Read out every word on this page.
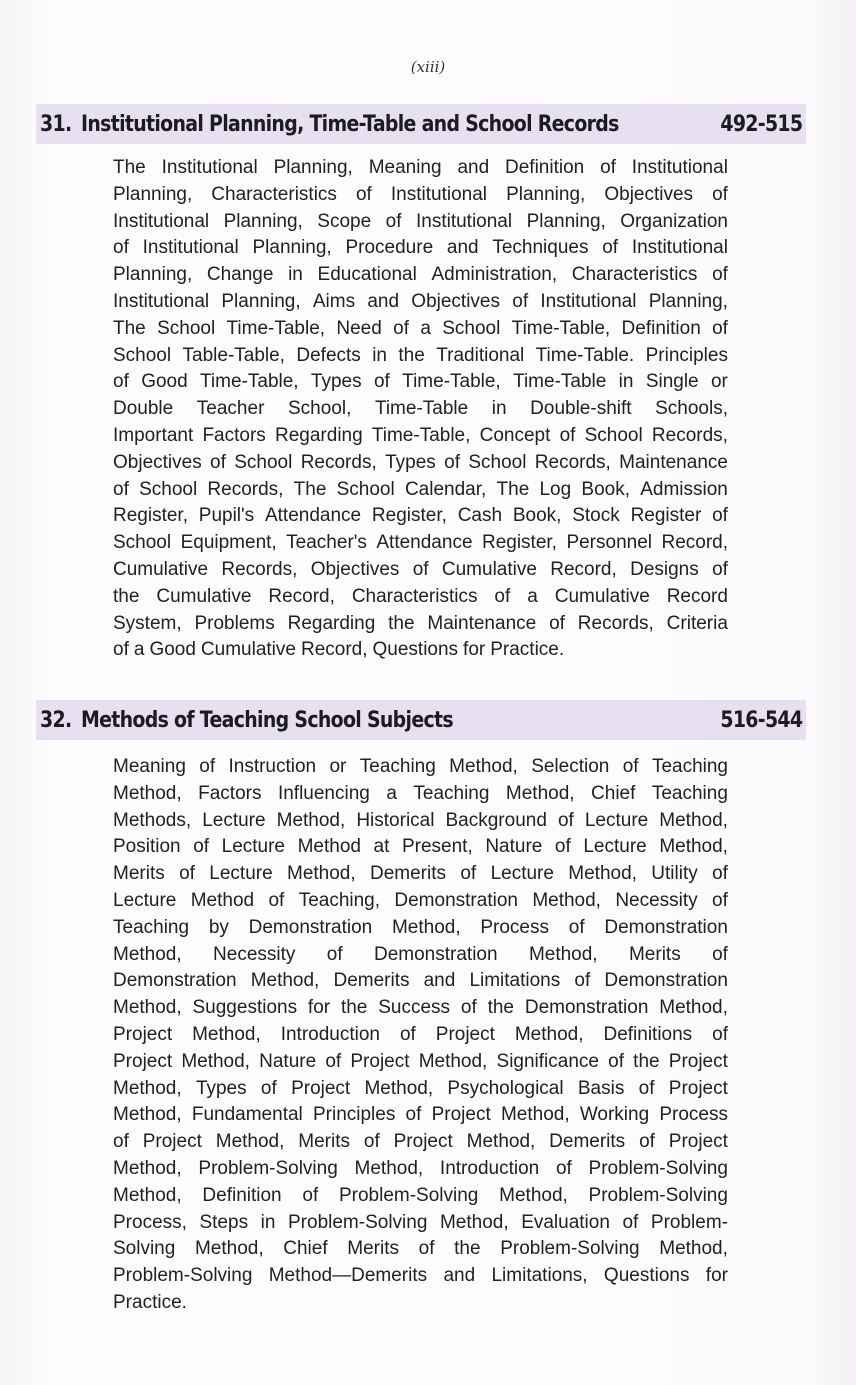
(xiii)
31. Institutional Planning, Time-Table and School Records	492-515
The Institutional Planning, Meaning and Definition of Institutional
Planning, Characteristics of Institutional Planning, Objectives of
Institutional Planning, Scope of Institutional Planning, Organization
of Institutional Planning, Procedure and Techniques of Institutional
Planning, Change in Educational Administration, Characteristics of
Institutional Planning, Aims and Objectives of Institutional Planning,
The School Time-Table, Need of a School Time-Table, Definition of
School Table-Table, Defects in the Traditional Time-Table. Principles
of Good Time-Table, Types of Time-Table, Time-Table in Single or
Double Teacher School, Time-Table in Double-shift Schools,
Important Factors Regarding Time-Table, Concept of School Records,
Objectives of School Records, Types of School Records, Maintenance
of School Records, The School Calendar, The Log Book, Admission
Register, Pupil's Attendance Register, Cash Book, Stock Register of
School Equipment, Teacher's Attendance Register, Personnel Record,
Cumulative Records, Objectives of Cumulative Record, Designs of
the Cumulative Record, Characteristics of a Cumulative Record
System, Problems Regarding the Maintenance of Records, Criteria
of a Good Cumulative Record, Questions for Practice.
32. Methods of Teaching School Subjects	516-544
Meaning of Instruction or Teaching Method, Selection of Teaching
Method, Factors Influencing a Teaching Method, Chief Teaching
Methods, Lecture Method, Historical Background of Lecture Method,
Position of Lecture Method at Present, Nature of Lecture Method,
Merits of Lecture Method, Demerits of Lecture Method, Utility of
Lecture Method of Teaching, Demonstration Method, Necessity of
Teaching by Demonstration Method, Process of Demonstration
Method, Necessity of Demonstration Method, Merits of
Demonstration Method, Demerits and Limitations of Demonstration
Method, Suggestions for the Success of the Demonstration Method,
Project Method, Introduction of Project Method, Definitions of
Project Method, Nature of Project Method, Significance of the Project
Method, Types of Project Method, Psychological Basis of Project
Method, Fundamental Principles of Project Method, Working Process
of Project Method, Merits of Project Method, Demerits of Project
Method, Problem-Solving Method, Introduction of Problem-Solving
Method, Definition of Problem-Solving Method, Problem-Solving
Process, Steps in Problem-Solving Method, Evaluation of Problem-
Solving Method, Chief Merits of the Problem-Solving Method,
Problem-Solving Method—Demerits and Limitations, Questions for
Practice.
